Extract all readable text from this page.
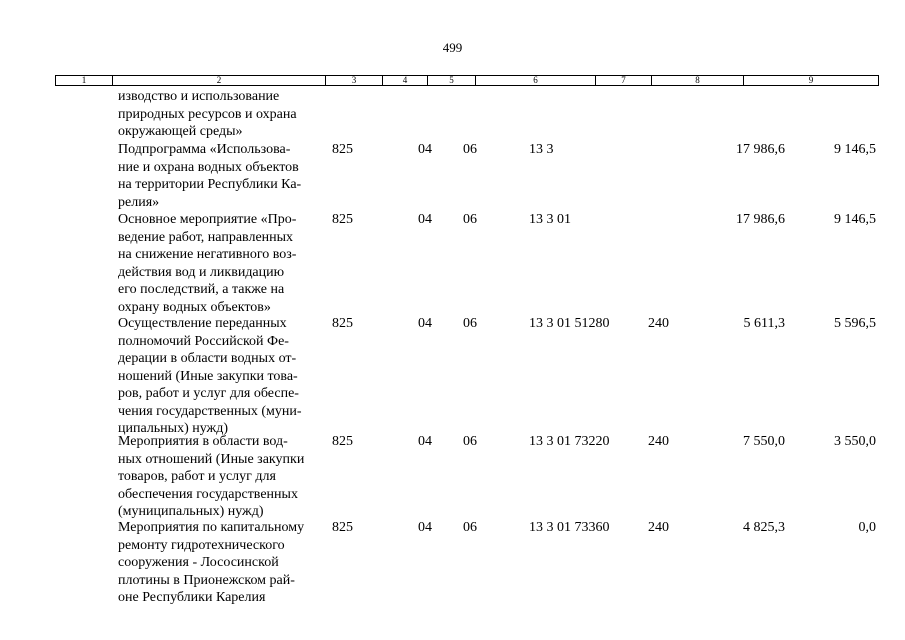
499
1	2	3	4	5	6	7	8	9
изводство и использование
природных ресурсов и охрана
окружающей среды»
Подпрограмма «Использова-
ние и охрана водных объектов
на территории Республики Ка-
релия»
825	04 06	13 3	17 986,6	9 146,5
Основное мероприятие «Про-
ведение работ, направленных
на снижение негативного воз-
действия вод и ликвидацию
его последствий, а также на
охрану водных объектов»
825	04 06	13 3 01	17 986,6	9 146,5
Осуществление переданных
полномочий Российской Фе-
дерации в области водных от-
ношений (Иные закупки това-
ров, работ и услуг для обеспе-
чения государственных (муни-
ципальных) нужд)
825	04 06	13 3 01 51280	240	5 611,3	5 596,5
Мероприятия в области вод-
ных отношений (Иные закупки
товаров, работ и услуг для
обеспечения государственных
(муниципальных) нужд)
825	04 06	13 3 01 73220	240	7 550,0	3 550,0
Мероприятия по капитальному
ремонту гидротехнического
сооружения - Лососинской
плотины в Прионежском рай-
оне Республики Карелия
825	04 06	13 3 01 73360	240	4 825,3	0,0
